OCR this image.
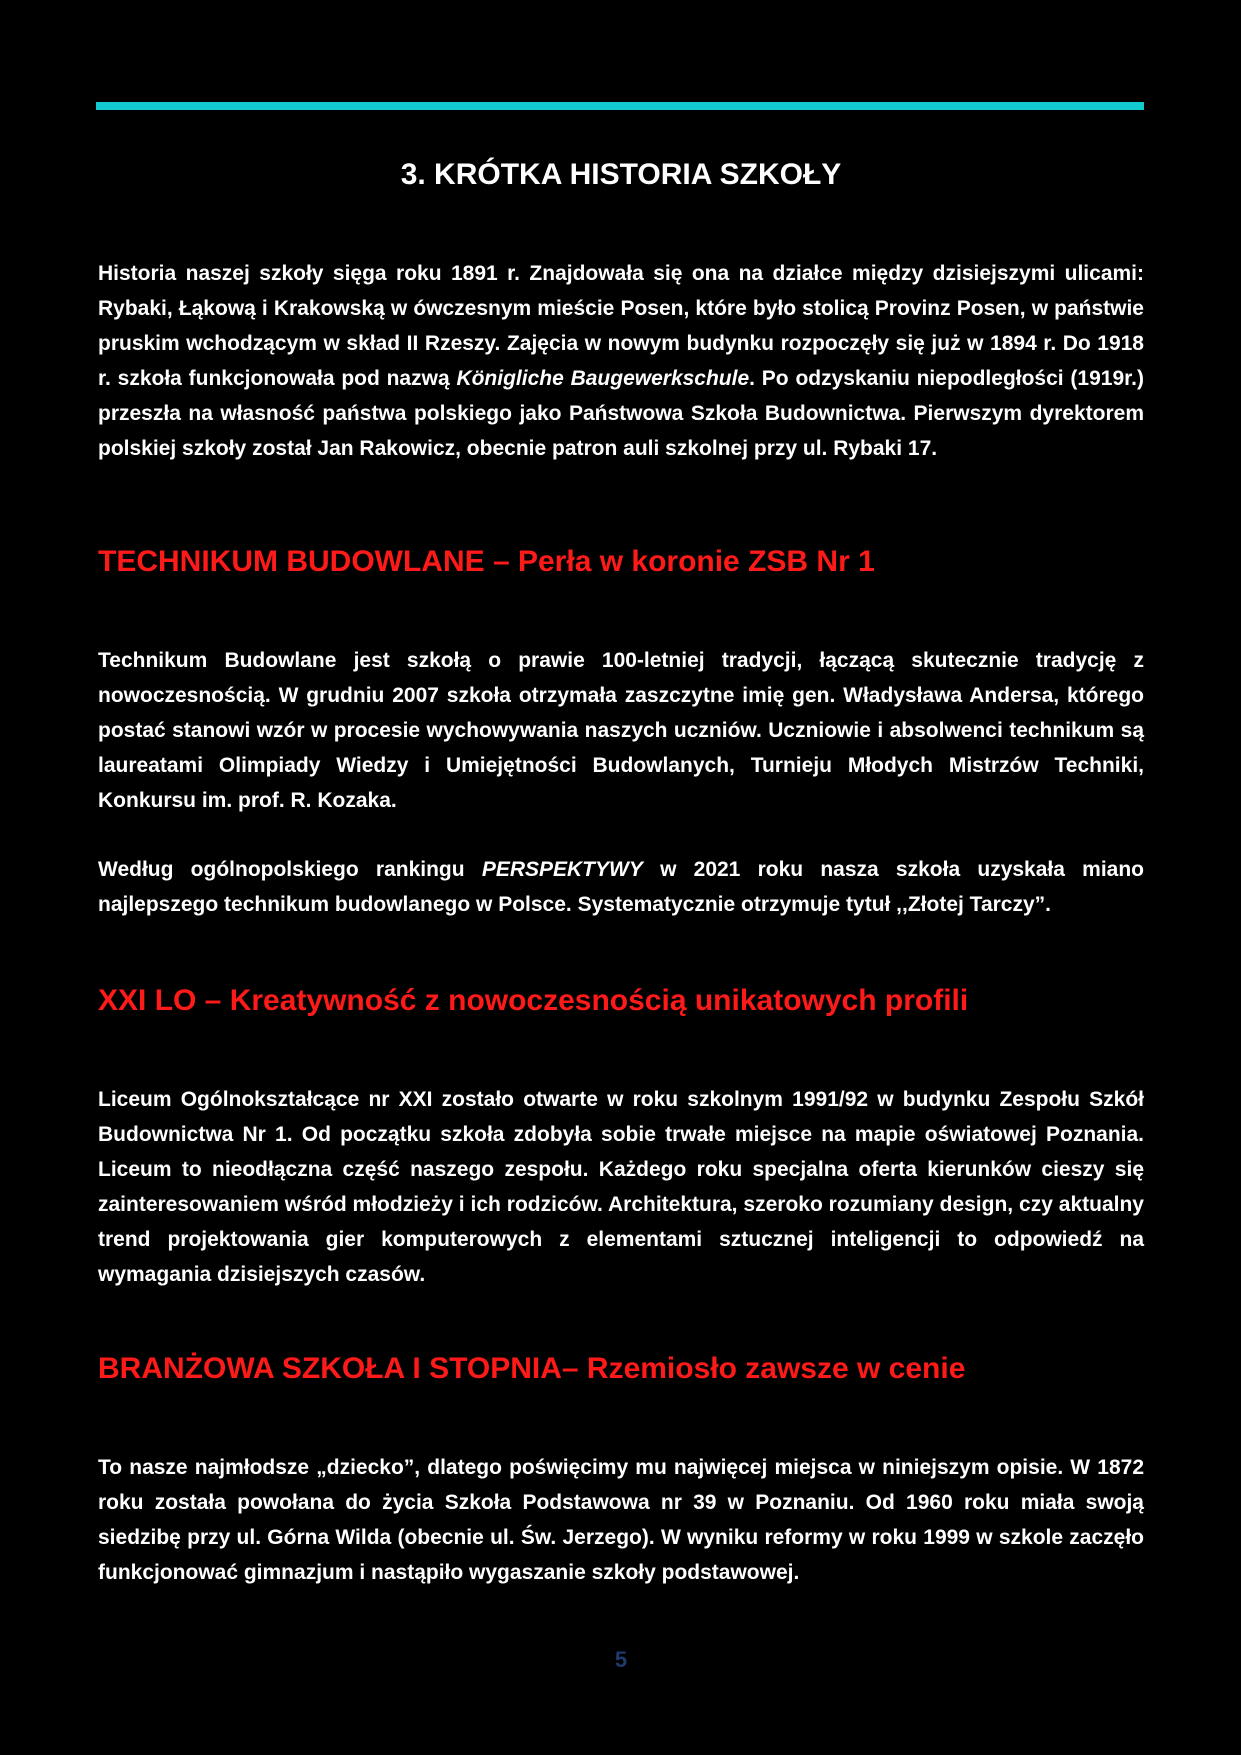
3. KRÓTKA HISTORIA SZKOŁY

Historia naszej szkoły sięga roku 1891 r. Znajdowała się ona na działce między dzisiejszymi ulicami: Rybaki, Łąkową i Krakowską w ówczesnym mieście Posen, które było stolicą Provinz Posen, w państwie pruskim wchodzącym w skład II Rzeszy. Zajęcia w nowym budynku rozpoczęły się już w 1894 r. Do 1918 r. szkoła funkcjonowała pod nazwą Königliche Baugewerkschule. Po odzyskaniu niepodległości (1919r.) przeszła na własność państwa polskiego jako Państwowa Szkoła Budownictwa. Pierwszym dyrektorem polskiej szkoły został Jan Rakowicz, obecnie patron auli szkolnej przy ul. Rybaki 17.

TECHNIKUM BUDOWLANE – Perła w koronie ZSB Nr 1

Technikum Budowlane jest szkołą o prawie 100-letniej tradycji, łączącą skutecznie tradycję z nowoczesnością. W grudniu 2007 szkoła otrzymała zaszczytne imię gen. Władysława Andersa, którego postać stanowi wzór w procesie wychowywania naszych uczniów. Uczniowie i absolwenci technikum są laureatami Olimpiady Wiedzy i Umiejętności Budowlanych, Turnieju Młodych Mistrzów Techniki, Konkursu im. prof. R. Kozaka.

Według ogólnopolskiego rankingu PERSPEKTYWY w 2021 roku nasza szkoła uzyskała miano najlepszego technikum budowlanego w Polsce. Systematycznie otrzymuje tytuł ,,Złotej Tarczy”.

XXI LO – Kreatywność z nowoczesnością unikatowych profili

Liceum Ogólnokształcące nr XXI zostało otwarte w roku szkolnym 1991/92 w budynku Zespołu Szkół Budownictwa Nr 1. Od początku szkoła zdobyła sobie trwałe miejsce na mapie oświatowej Poznania. Liceum to nieodłączna część naszego zespołu. Każdego roku specjalna oferta kierunków cieszy się zainteresowaniem wśród młodzieży i ich rodziców. Architektura, szeroko rozumiany design, czy aktualny trend projektowania gier komputerowych z elementami sztucznej inteligencji to odpowiedź na wymagania dzisiejszych czasów.

BRANŻOWA SZKOŁA I STOPNIA– Rzemiosło zawsze w cenie

To nasze najmłodsze „dziecko”, dlatego poświęcimy mu najwięcej miejsca w niniejszym opisie. W 1872 roku została powołana do życia Szkoła Podstawowa nr 39 w Poznaniu. Od 1960 roku miała swoją siedzibę przy ul. Górna Wilda (obecnie ul. Św. Jerzego). W wyniku reformy w roku 1999 w szkole zaczęło funkcjonować gimnazjum i nastąpiło wygaszanie szkoły podstawowej.

5
